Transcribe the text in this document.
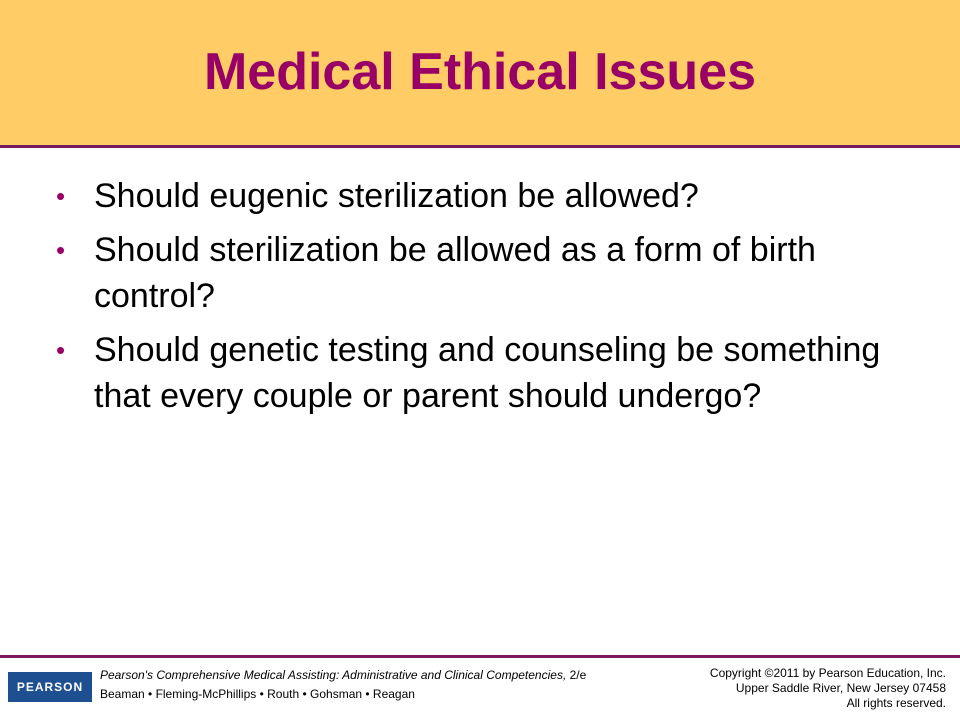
Medical Ethical Issues
• Should eugenic sterilization be allowed?
• Should sterilization be allowed as a form of birth control?
• Should genetic testing and counseling be something that every couple or parent should undergo?
PEARSON
Pearson's Comprehensive Medical Assisting: Administrative and Clinical Competencies, 2/e
Beaman • Fleming-McPhillips • Routh • Gohsman • Reagan
Copyright ©2011 by Pearson Education, Inc.
Upper Saddle River, New Jersey 07458
All rights reserved.
